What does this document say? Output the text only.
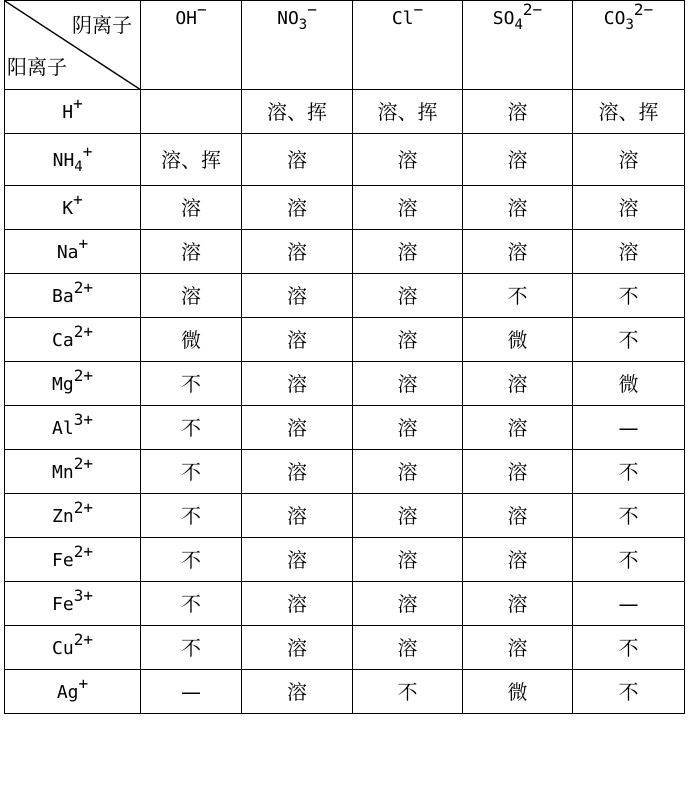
阴离子
阳离子	OH−	$NO_3^-$	Cl−	$SO_4^{2-}$	$CO_3^{2-}$
H+		溶、挥	溶、挥	溶	溶、挥
$NH_4^+$	溶、挥	溶	溶	溶	溶
K+	溶	溶	溶	溶	溶
Na+	溶	溶	溶	溶	溶
$Ba^{2+}$	溶	溶	溶	不	不
$Ca^{2+}$	微	溶	溶	微	不
$Mg^{2+}$	不	溶	溶	溶	微
$Al^{3+}$	不	溶	溶	溶	—
$Mn^{2+}$	不	溶	溶	溶	不
$Zn^{2+}$	不	溶	溶	溶	不
$Fe^{2+}$	不	溶	溶	溶	不
$Fe^{3+}$	不	溶	溶	溶	—
$Cu^{2+}$	不	溶	溶	溶	不
Ag+	—	溶	不	微	不
